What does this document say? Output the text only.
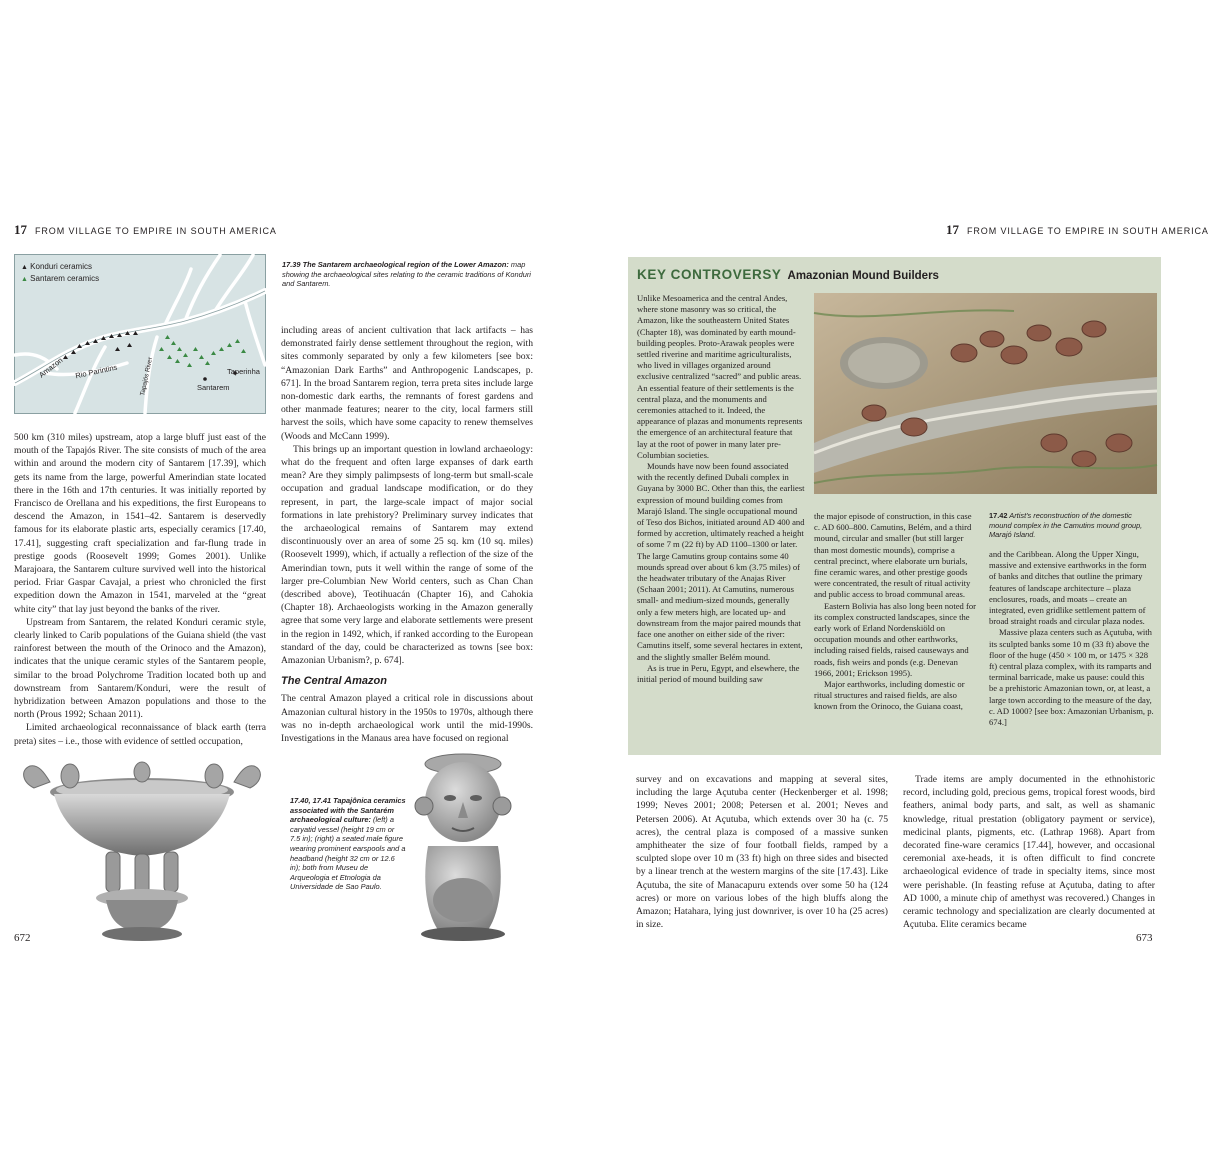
17 FROM VILLAGE TO EMPIRE IN SOUTH AMERICA	17 FROM VILLAGE TO EMPIRE IN SOUTH AMERICA
▲ Konduri ceramics
▲ Santarem ceramics
Amazon Rio Parintins	Tapajós River	Santarem
Taperinha
17.39 The Santarem archaeological region of the Lower Amazon: map showing the archaeological sites relating to the ceramic traditions of Konduri and Santarem.

500 km (310 miles) upstream, atop a large bluff just east of the mouth of the Tapajós River. The site consists of much of the area within and around the modern city of Santarem [17.39], which gets its name from the large, powerful Amerindian state located there in the 16th and 17th centuries. It was initially reported by Francisco de Orellana and his expeditions, the first Europeans to descend the Amazon, in 1541–42. Santarem is deservedly famous for its elaborate plastic arts, especially ceramics [17.40, 17.41], suggesting craft specialization and far-flung trade in prestige goods (Roosevelt 1999; Gomes 2001). Unlike Marajoara, the Santarem culture survived well into the historical period. Friar Gaspar Cavajal, a priest who chronicled the first expedition down the Amazon in 1541, marveled at the “great white city” that lay just beyond the banks of the river.

Upstream from Santarem, the related Konduri ceramic style, clearly linked to Carib populations of the Guiana shield (the vast rainforest between the mouth of the Orinoco and the Amazon), indicates that the unique ceramic styles of the Santarem people, similar to the broad Polychrome Tradition located both up and downstream from Santarem/Konduri, were the result of hybridization between Amazon populations and those to the north (Prous 1992; Schaan 2011).

Limited archaeological reconnaissance of black earth (terra preta) sites – i.e., those with evidence of settled occupation,

including areas of ancient cultivation that lack artifacts – has demonstrated fairly dense settlement throughout the region, with sites commonly separated by only a few kilometers [see box: “Amazonian Dark Earths” and Anthropogenic Landscapes, p. 671]. In the broad Santarem region, terra preta sites include large non-domestic dark earths, the remnants of forest gardens and other manmade features; nearer to the city, local farmers still harvest the soils, which have some capacity to renew themselves (Woods and McCann 1999).

This brings up an important question in lowland archaeology: what do the frequent and often large expanses of dark earth mean? Are they simply palimpsests of long-term but small-scale occupation and gradual landscape modification, or do they represent, in part, the large-scale impact of major social formations in late prehistory? Preliminary survey indicates that the archaeological remains of Santarem may extend discontinuously over an area of some 25 sq. km (10 sq. miles) (Roosevelt 1999), which, if actually a reflection of the size of the Amerindian town, puts it well within the range of some of the larger pre-Columbian New World centers, such as Chan Chan (described above), Teotihuacán (Chapter 16), and Cahokia (Chapter 18). Archaeologists working in the Amazon generally agree that some very large and elaborate settlements were present in the region in 1492, which, if ranked according to the European standard of the day, could be characterized as towns [see box: Amazonian Urbanism?, p. 674].

The Central Amazon

The central Amazon played a critical role in discussions about Amazonian cultural history in the 1950s to 1970s, although there was no in-depth archaeological work until the mid-1990s. Investigations in the Manaus area have focused on regional

17.40, 17.41 Tapajônica ceramics associated with the Santarém archaeological culture: (left) a caryatid vessel (height 19 cm or 7.5 in); (right) a seated male figure wearing prominent earspools and a headband (height 32 cm or 12.6 in); both from Museu de Arqueologia et Etnologia da Universidade de Sao Paulo.
672
KEY CONTROVERSY Amazonian Mound Builders

Unlike Mesoamerica and the central Andes, where stone masonry was so critical, the Amazon, like the southeastern United States (Chapter 18), was dominated by earth mound-building peoples. Proto-Arawak peoples were settled riverine and maritime agriculturalists, who lived in villages organized around exclusive centralized “sacred” and public areas. An essential feature of their settlements is the central plaza, and the monuments and ceremonies attached to it. Indeed, the appearance of plazas and monuments represents the emergence of an architectural feature that lay at the root of power in many later pre-Columbian societies.

Mounds have now been found associated with the recently defined Dubali complex in Guyana by 3000 BC. Other than this, the earliest expression of mound building comes from Marajó Island. The single occupational mound of Teso dos Bichos, initiated around AD 400 and formed by accretion, ultimately reached a height of some 7 m (22 ft) by AD 1100–1300 or later. The large Camutins group contains some 40 mounds spread over about 6 km (3.75 miles) of the headwater tributary of the Anajas River (Schaan 2001; 2011). At Camutins, numerous small- and medium-sized mounds, generally only a few meters high, are located up- and downstream from the major paired mounds that face one another on either side of the river: Camutins itself, some several hectares in extent, and the slightly smaller Belém mound.

As is true in Peru, Egypt, and elsewhere, the initial period of mound building saw

the major episode of construction, in this case c. AD 600–800. Camutins, Belém, and a third mound, circular and smaller (but still larger than most domestic mounds), comprise a central precinct, where elaborate urn burials, fine ceramic wares, and other prestige goods were concentrated, the result of ritual activity and public access to broad communal areas.

Eastern Bolivia has also long been noted for its complex constructed landscapes, since the early work of Erland Nordenskiöld on occupation mounds and other earthworks, including raised fields, raised causeways and roads, fish weirs and ponds (e.g. Denevan 1966, 2001; Erickson 1995).

Major earthworks, including domestic or ritual structures and raised fields, are also known from the Orinoco, the Guiana coast,

17.42 Artist's reconstruction of the domestic mound complex in the Camutins mound group, Marajó Island.

and the Caribbean. Along the Upper Xingu, massive and extensive earthworks in the form of banks and ditches that outline the primary features of landscape architecture – plaza enclosures, roads, and moats – create an integrated, even gridlike settlement pattern of broad straight roads and circular plaza nodes.

Massive plaza centers such as Açutuba, with its sculpted banks some 10 m (33 ft) above the floor of the huge (450 × 100 m, or 1475 × 328 ft) central plaza complex, with its ramparts and terminal barricade, make us pause: could this be a prehistoric Amazonian town, or, at least, a large town according to the measure of the day, c. AD 1000? [see box: Amazonian Urbanism, p. 674.]

survey and on excavations and mapping at several sites, including the large Açutuba center (Heckenberger et al. 1998; 1999; Neves 2001; 2008; Petersen et al. 2001; Neves and Petersen 2006). At Açutuba, which extends over 30 ha (c. 75 acres), the central plaza is composed of a massive sunken amphitheater the size of four football fields, ramped by a sculpted slope over 10 m (33 ft) high on three sides and bisected by a linear trench at the western margins of the site [17.43]. Like Açutuba, the site of Manacapuru extends over some 50 ha (124 acres) or more on various lobes of the high bluffs along the Amazon; Hatahara, lying just downriver, is over 10 ha (25 acres) in size.

Trade items are amply documented in the ethnohistoric record, including gold, precious gems, tropical forest woods, bird feathers, animal body parts, and salt, as well as shamanic knowledge, ritual prestation (obligatory payment or service), medicinal plants, pigments, etc. (Lathrap 1968). Apart from decorated fine-ware ceramics [17.44], however, and occasional ceremonial axe-heads, it is often difficult to find concrete archaeological evidence of trade in specialty items, since most were perishable. (In feasting refuse at Açutuba, dating to after AD 1000, a minute chip of amethyst was recovered.) Changes in ceramic technology and specialization are clearly documented at Açutuba. Elite ceramics became

673
